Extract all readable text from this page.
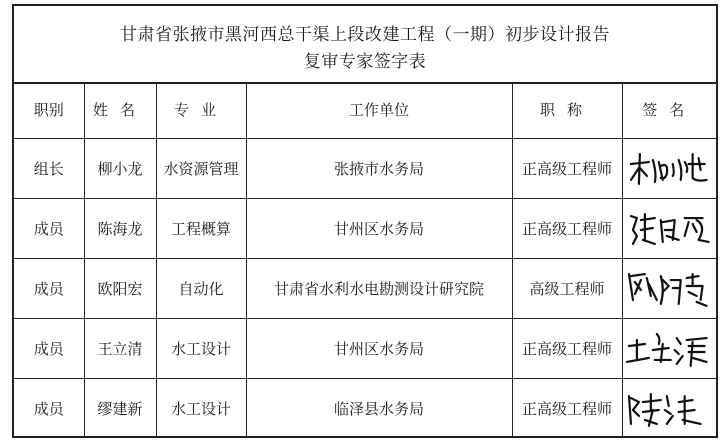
甘肃省张掖市黑河西总干渠上段改建工程（一期）初步设计报告
复审专家签字表
职别	姓名	专业	工作单位	职称	签名
组长	柳小龙	水资源管理	张掖市水务局	正高级工程师	

成员	陈海龙	工程概算	甘州区水务局	正高级工程师	

成员	欧阳宏	自动化	甘肃省水利水电勘测设计研究院	高级工程师	

成员	王立清	水工设计	甘州区水务局	正高级工程师	

成员	缪建新	水工设计	临泽县水务局	正高级工程师	
